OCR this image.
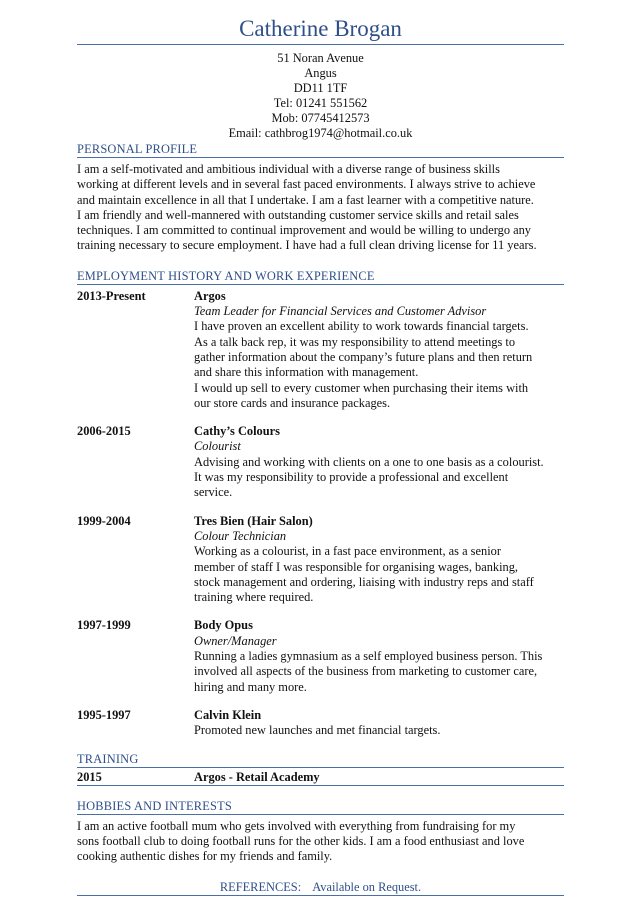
Catherine Brogan
51 Noran Avenue
Angus
DD11 1TF
Tel: 01241 551562
Mob: 07745412573
Email: cathbrog1974@hotmail.co.uk
PERSONAL PROFILE
I am a self-motivated and ambitious individual with a diverse range of business skills
working at different levels and in several fast paced environments. I always strive to achieve
and maintain excellence in all that I undertake. I am a fast learner with a competitive nature.
I am friendly and well-mannered with outstanding customer service skills and retail sales
techniques. I am committed to continual improvement and would be willing to undergo any
training necessary to secure employment. I have had a full clean driving license for 11 years.
EMPLOYMENT HISTORY AND WORK EXPERIENCE
2013-Present	Argos
Team Leader for Financial Services and Customer Advisor
I have proven an excellent ability to work towards financial targets.
As a talk back rep, it was my responsibility to attend meetings to
gather information about the company’s future plans and then return
and share this information with management.
I would up sell to every customer when purchasing their items with
our store cards and insurance packages.
2006-2015	Cathy’s Colours
Colourist
Advising and working with clients on a one to one basis as a colourist.
It was my responsibility to provide a professional and excellent
service.
1999-2004	Tres Bien (Hair Salon)
Colour Technician
Working as a colourist, in a fast pace environment, as a senior
member of staff I was responsible for organising wages, banking,
stock management and ordering, liaising with industry reps and staff
training where required.
1997-1999	Body Opus
Owner/Manager
Running a ladies gymnasium as a self employed business person. This
involved all aspects of the business from marketing to customer care,
hiring and many more.
1995-1997	Calvin Klein
Promoted new launches and met financial targets.
TRAINING
2015	Argos - Retail Academy
HOBBIES AND INTERESTS
I am an active football mum who gets involved with everything from fundraising for my
sons football club to doing football runs for the other kids. I am a food enthusiast and love
cooking authentic dishes for my friends and family.
REFERENCES: Available on Request.
